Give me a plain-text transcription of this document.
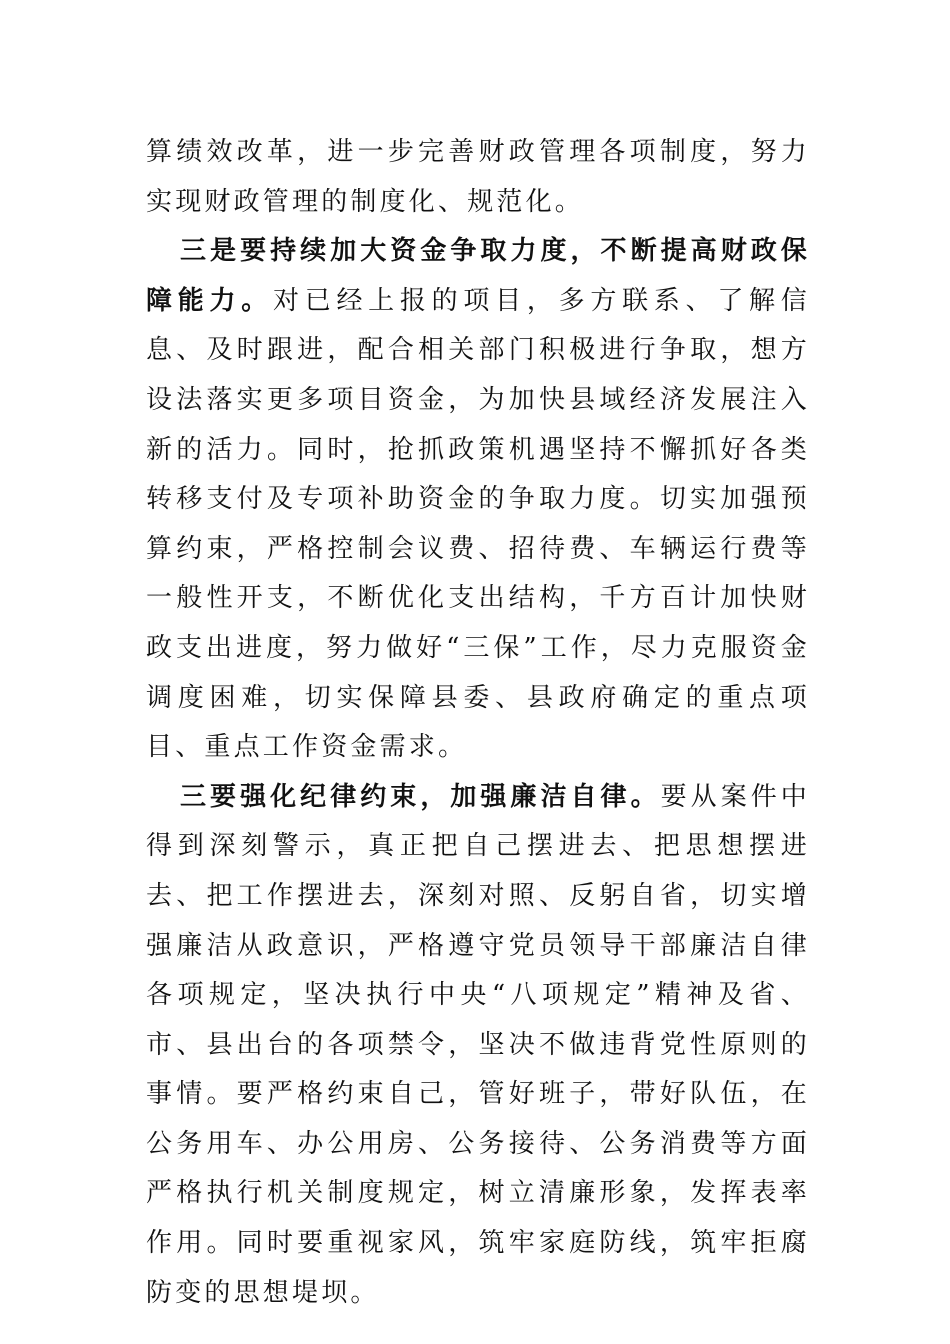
算绩效改革，进一步完善财政管理各项制度，努力实现财政管理的制度化、规范化。

三是要持续加大资金争取力度，不断提高财政保障能力。对已经上报的项目，多方联系、了解信息、及时跟进，配合相关部门积极进行争取，想方设法落实更多项目资金，为加快县域经济发展注入新的活力。同时，抢抓政策机遇坚持不懈抓好各类转移支付及专项补助资金的争取力度。切实加强预算约束，严格控制会议费、招待费、车辆运行费等一般性开支，不断优化支出结构，千方百计加快财政支出进度，努力做好“三保”工作，尽力克服资金调度困难，切实保障县委、县政府确定的重点项目、重点工作资金需求。

三要强化纪律约束，加强廉洁自律。要从案件中得到深刻警示，真正把自己摆进去、把思想摆进去、把工作摆进去，深刻对照、反躬自省，切实增强廉洁从政意识，严格遵守党员领导干部廉洁自律各项规定，坚决执行中央“八项规定”精神及省、市、县出台的各项禁令，坚决不做违背党性原则的事情。要严格约束自己，管好班子，带好队伍，在公务用车、办公用房、公务接待、公务消费等方面严格执行机关制度规定，树立清廉形象，发挥表率作用。同时要重视家风，筑牢家庭防线，筑牢拒腐防变的思想堤坝。
